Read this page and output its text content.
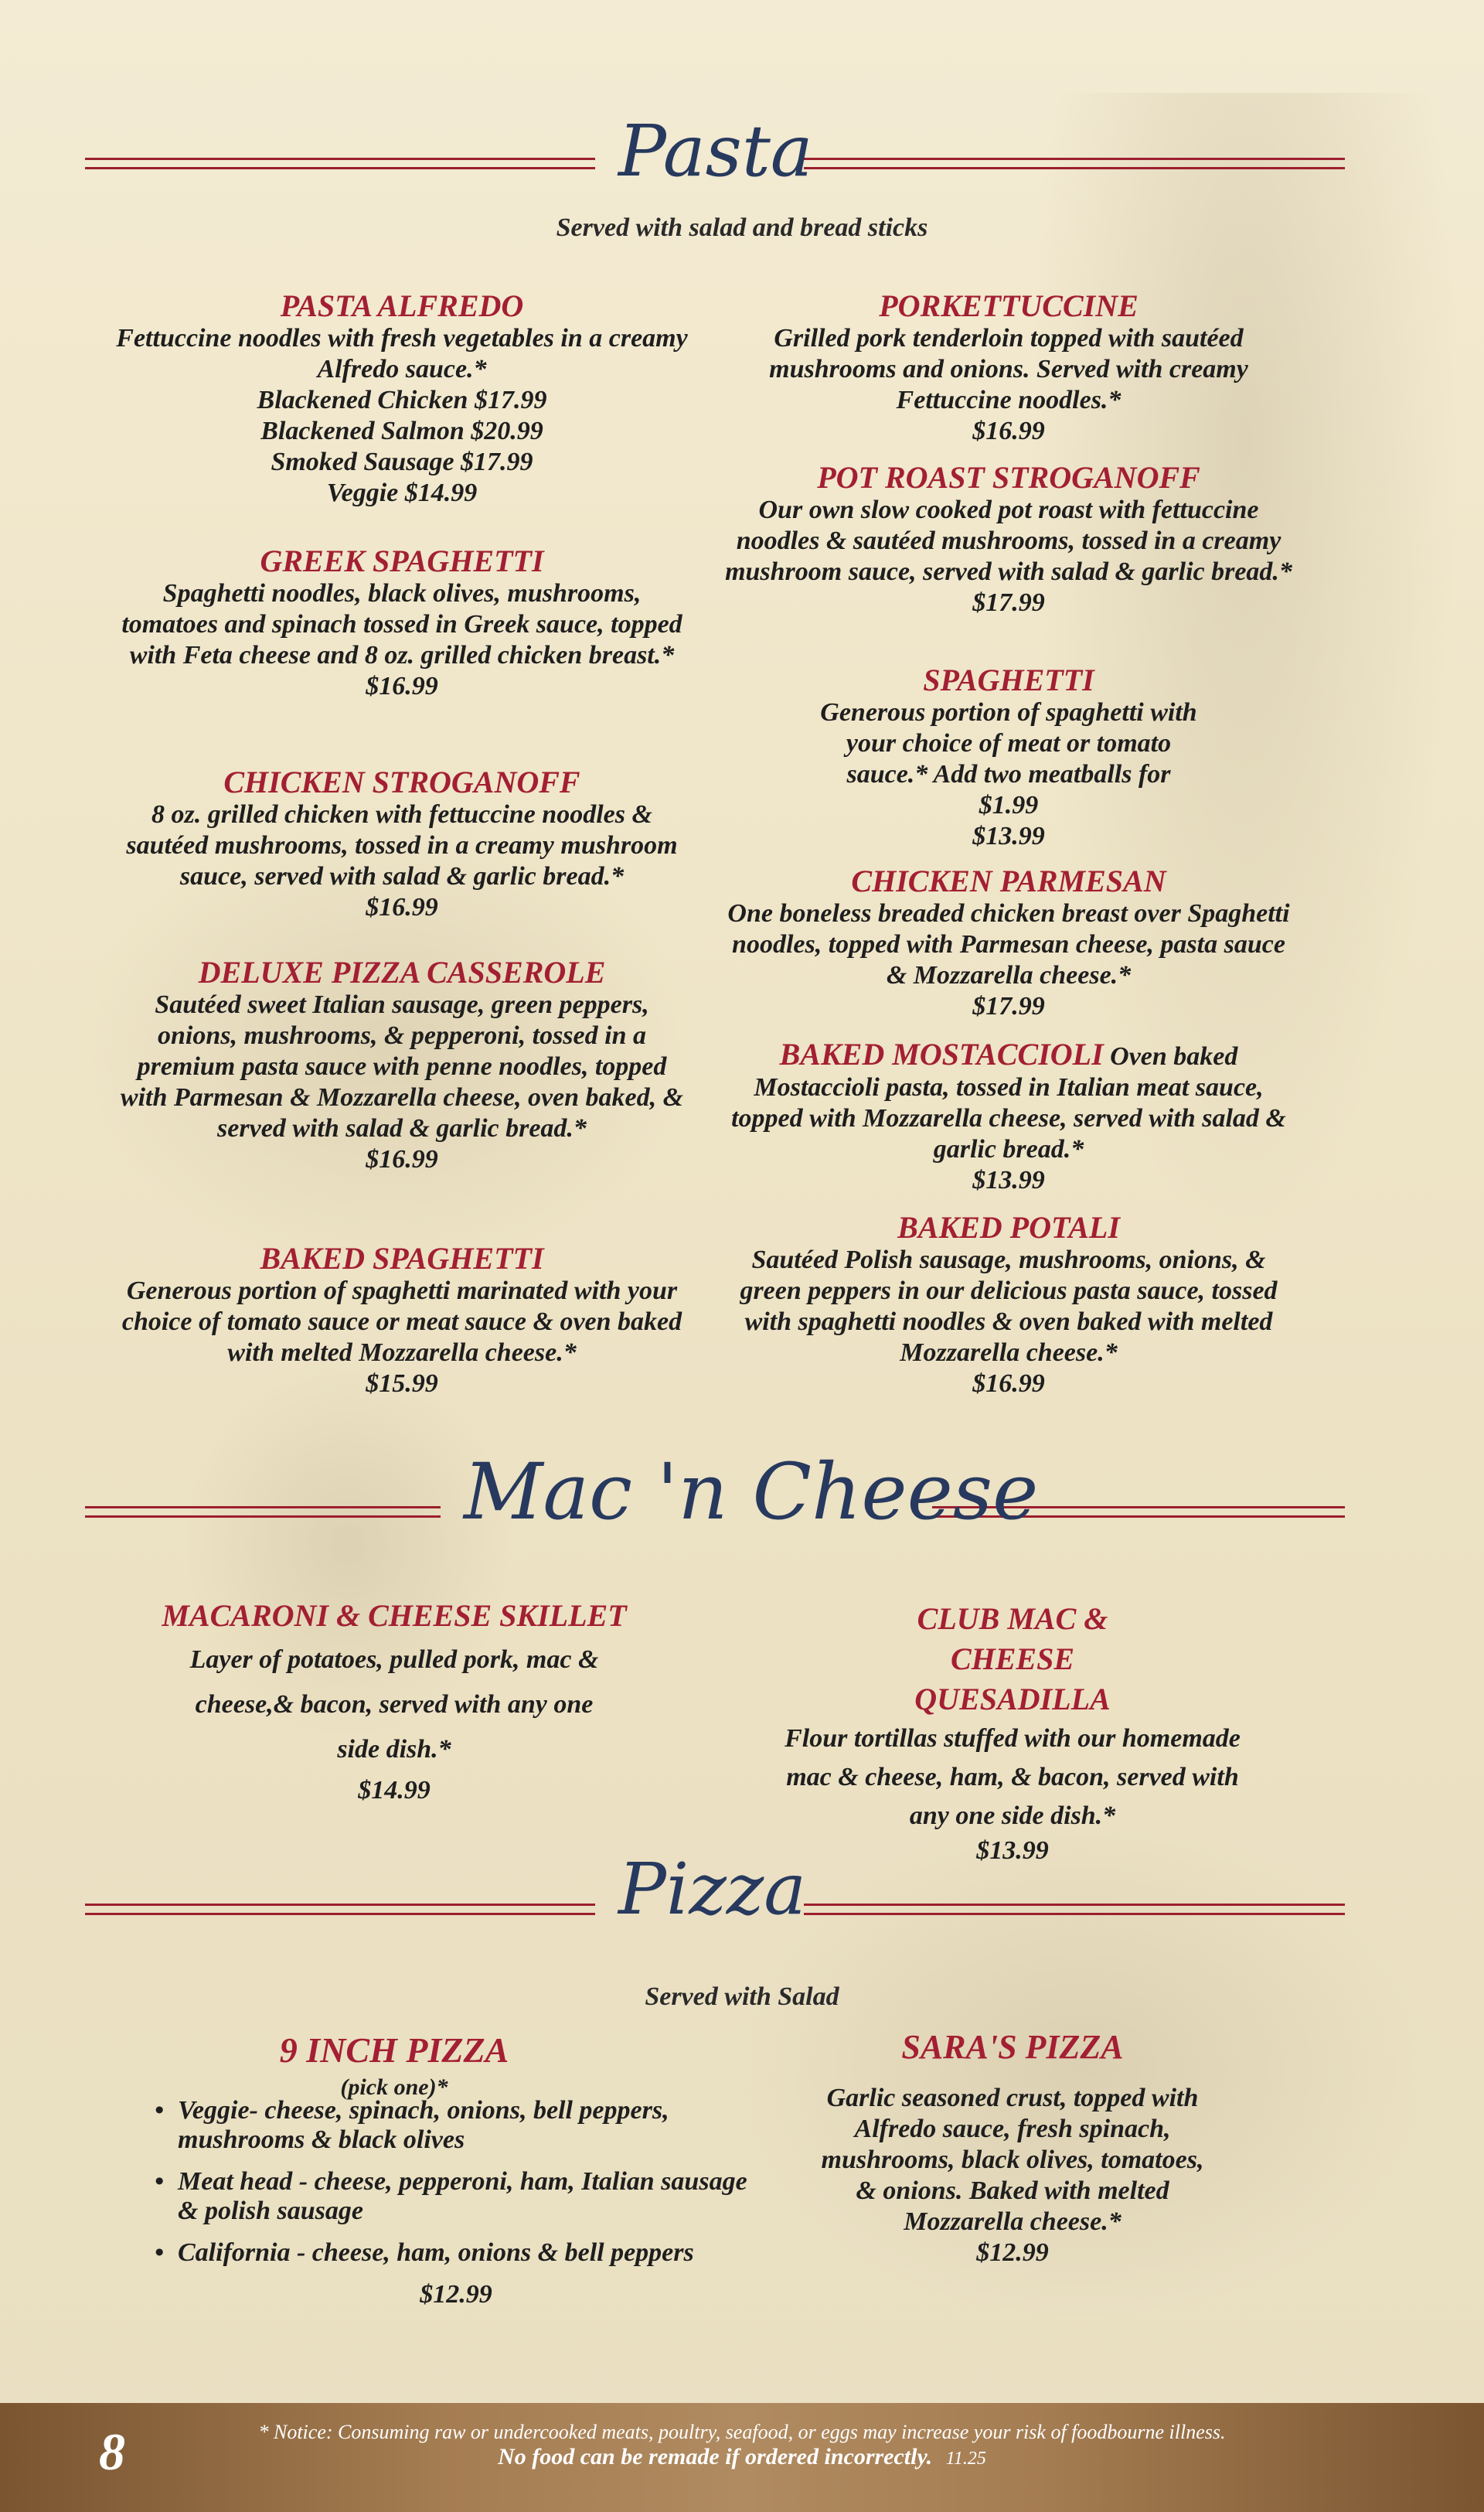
Pasta
Served with salad and bread sticks
PASTA ALFREDO
Fettuccine noodles with fresh vegetables in a creamy Alfredo sauce.*
Blackened Chicken $17.99
Blackened Salmon $20.99
Smoked Sausage $17.99
Veggie $14.99
GREEK SPAGHETTI
Spaghetti noodles, black olives, mushrooms, tomatoes and spinach tossed in Greek sauce, topped with Feta cheese and 8 oz. grilled chicken breast.*
$16.99
CHICKEN STROGANOFF
8 oz. grilled chicken with fettuccine noodles & sautéed mushrooms, tossed in a creamy mushroom sauce, served with salad & garlic bread.*
$16.99
DELUXE PIZZA CASSEROLE
Sautéed sweet Italian sausage, green peppers, onions, mushrooms, & pepperoni, tossed in a premium pasta sauce with penne noodles, topped with Parmesan & Mozzarella cheese, oven baked, & served with salad & garlic bread.*
$16.99
BAKED SPAGHETTI
Generous portion of spaghetti marinated with your choice of tomato sauce or meat sauce & oven baked with melted Mozzarella cheese.*
$15.99
PORKETTUCCINE
Grilled pork tenderloin topped with sautéed mushrooms and onions. Served with creamy Fettuccine noodles.*
$16.99
POT ROAST STROGANOFF
Our own slow cooked pot roast with fettuccine noodles & sautéed mushrooms, tossed in a creamy mushroom sauce, served with salad & garlic bread.*
$17.99
SPAGHETTI
Generous portion of spaghetti with your choice of meat or tomato sauce.* Add two meatballs for $1.99
$13.99
CHICKEN PARMESAN
One boneless breaded chicken breast over Spaghetti noodles, topped with Parmesan cheese, pasta sauce & Mozzarella cheese.*
$17.99
BAKED MOSTACCIOLI Oven baked Mostaccioli pasta, tossed in Italian meat sauce, topped with Mozzarella cheese, served with salad & garlic bread.*
$13.99
BAKED POTALI
Sautéed Polish sausage, mushrooms, onions, & green peppers in our delicious pasta sauce, tossed with spaghetti noodles & oven baked with melted Mozzarella cheese.*
$16.99
Mac 'n Cheese
MACARONI & CHEESE SKILLET
Layer of potatoes, pulled pork, mac & cheese,& bacon, served with any one side dish.*
$14.99
CLUB MAC & CHEESE QUESADILLA
Flour tortillas stuffed with our homemade mac & cheese, ham, & bacon, served with any one side dish.*
$13.99
Pizza
Served with Salad
9 INCH PIZZA
(pick one)*
• Veggie- cheese, spinach, onions, bell peppers, mushrooms & black olives
• Meat head - cheese, pepperoni, ham, Italian sausage & polish sausage
• California - cheese, ham, onions & bell peppers
$12.99
SARA'S PIZZA
Garlic seasoned crust, topped with Alfredo sauce, fresh spinach, mushrooms, black olives, tomatoes, & onions. Baked with melted Mozzarella cheese.*
$12.99
8	* Notice: Consuming raw or undercooked meats, poultry, seafood, or eggs may increase your risk of foodbourne illness.
No food can be remade if ordered incorrectly. 11.25
